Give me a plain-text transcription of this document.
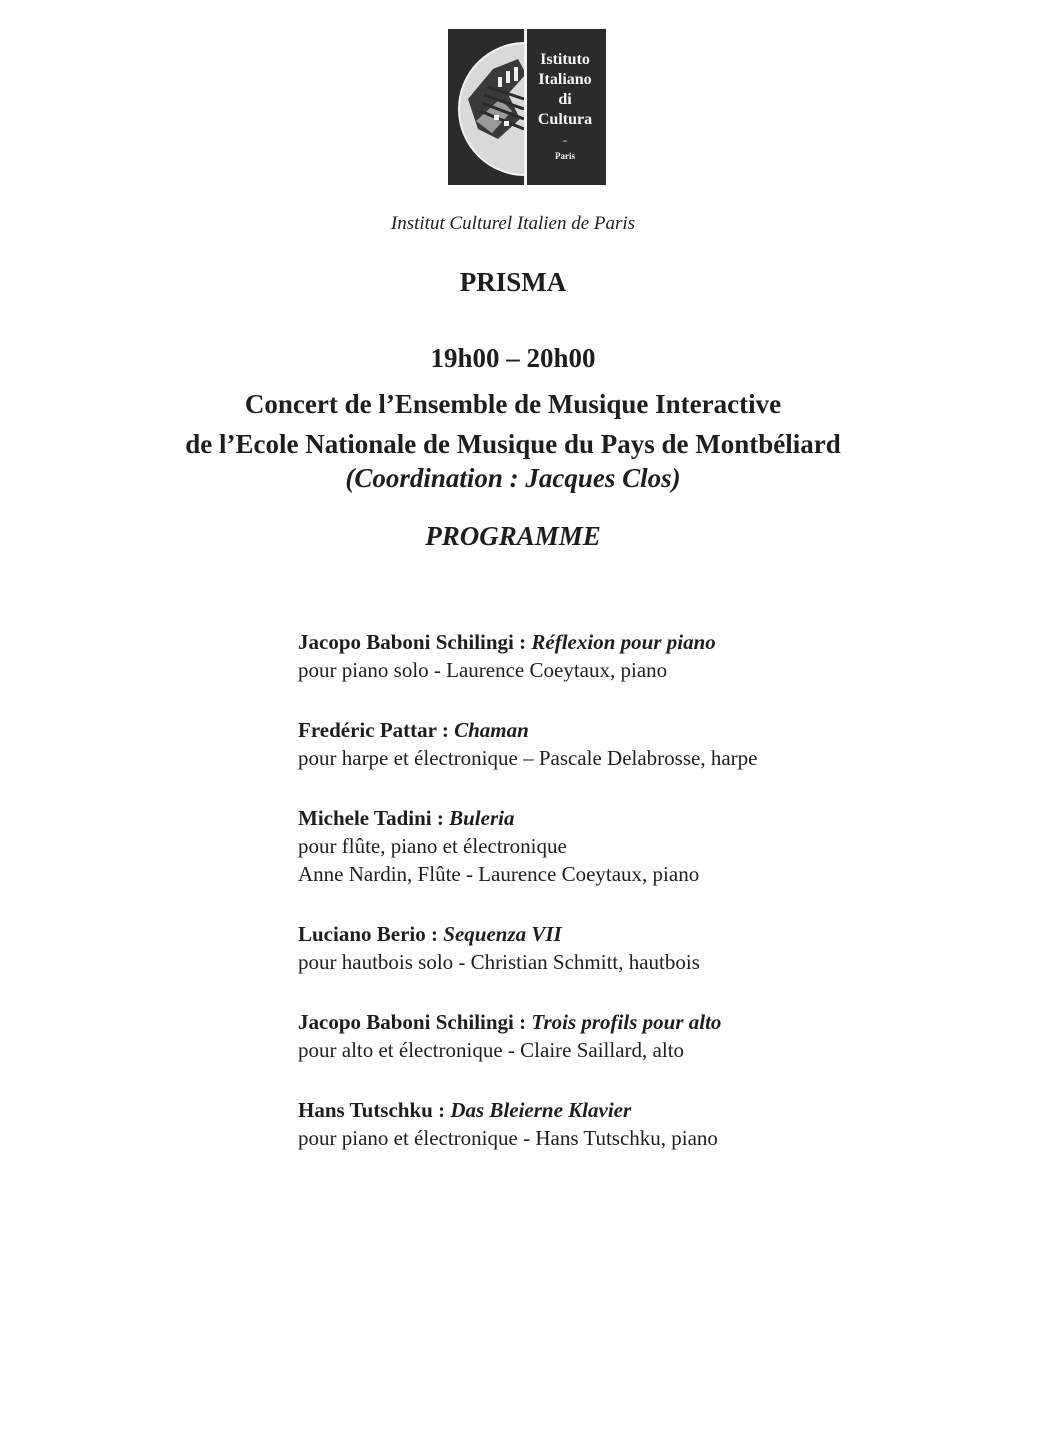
Istituto
Italiano
di
Cultura
-
Paris
Institut Culturel Italien de Paris
PRISMA
19h00 – 20h00
Concert de l’Ensemble de Musique Interactive
de l’Ecole Nationale de Musique du Pays de Montbéliard
(Coordination : Jacques Clos)
PROGRAMME
Jacopo Baboni Schilingi : Réflexion pour piano
pour piano solo - Laurence Coeytaux, piano
Fredéric Pattar : Chaman
pour harpe et électronique – Pascale Delabrosse, harpe
Michele Tadini : Buleria
pour flûte, piano et électronique
Anne Nardin, Flûte - Laurence Coeytaux, piano
Luciano Berio : Sequenza VII
pour hautbois solo - Christian Schmitt, hautbois
Jacopo Baboni Schilingi : Trois profils pour alto
pour alto et électronique - Claire Saillard, alto
Hans Tutschku : Das Bleierne Klavier
pour piano et électronique - Hans Tutschku, piano
